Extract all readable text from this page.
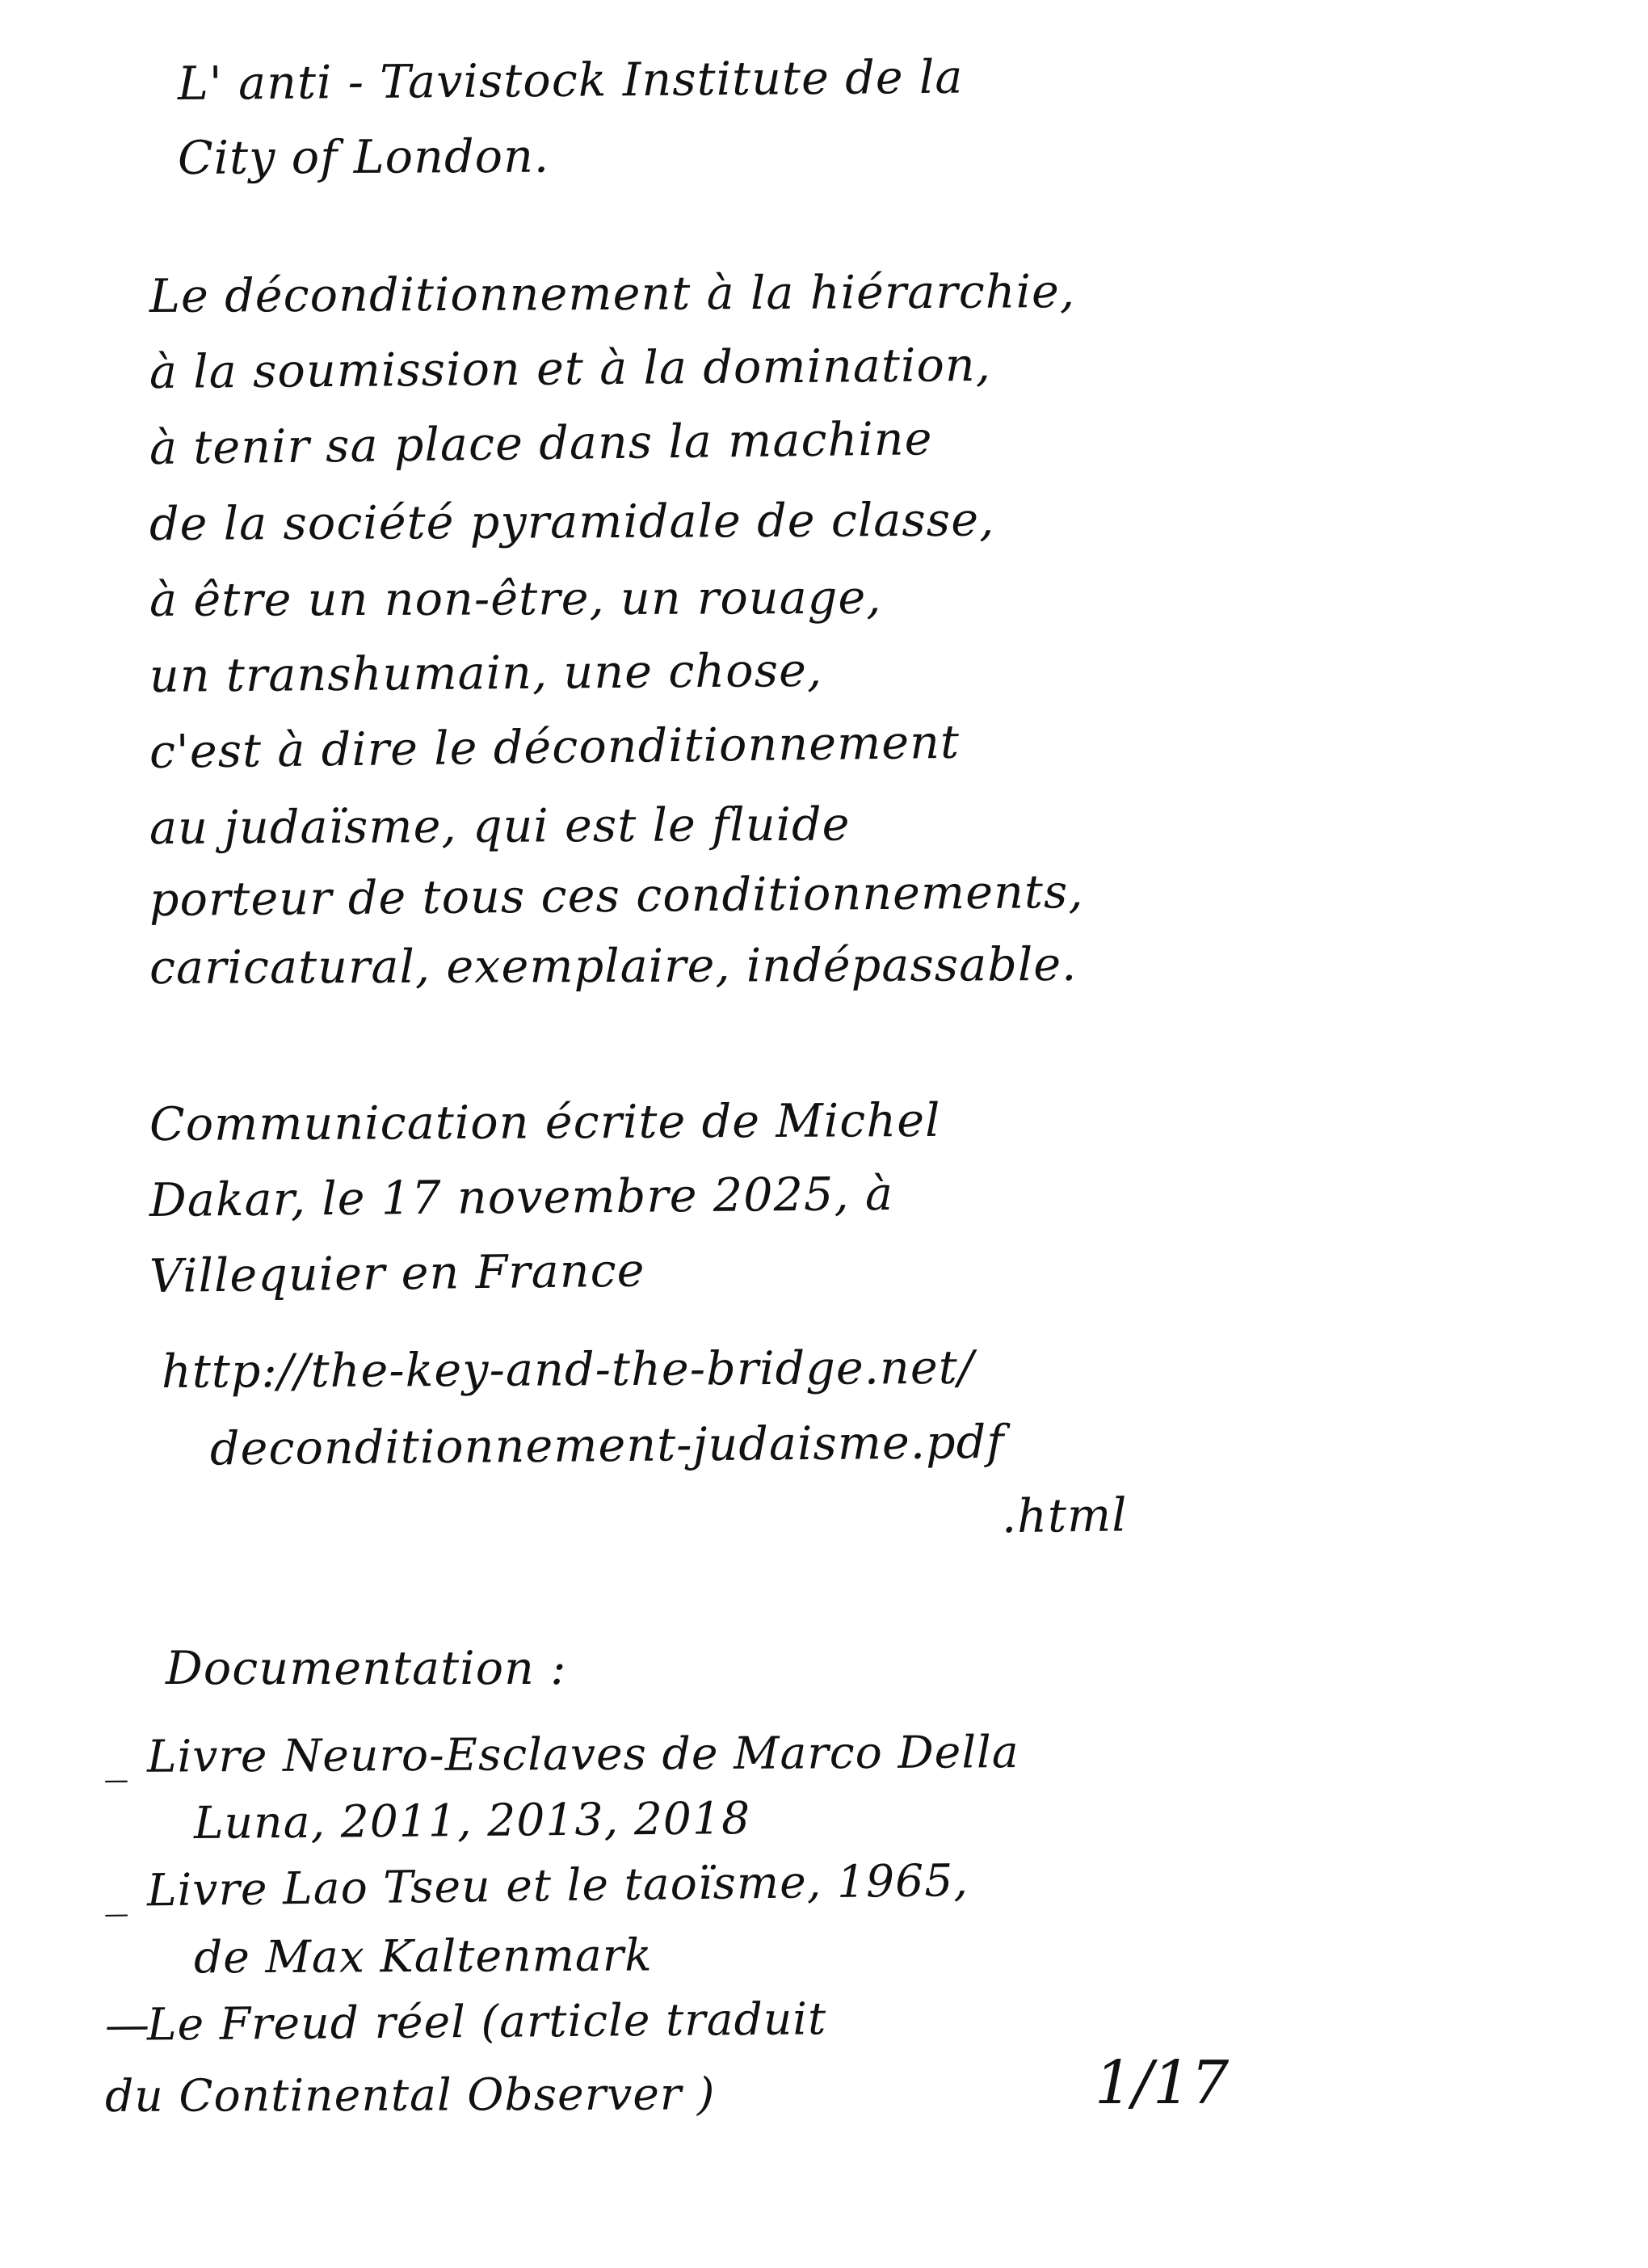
L' anti - Tavistock Institute de la
City of London.
Le déconditionnement à la hiérarchie,
à la soumission et à la domination,
à tenir sa place dans la machine
de la société pyramidale de classe,
à être un non-être, un rouage,
un transhumain, une chose,
c'est à dire le déconditionnement
au judaïsme, qui est le fluide
porteur de tous ces conditionnements,
caricatural, exemplaire, indépassable.
Communication écrite de Michel
Dakar, le 17 novembre 2025, à
Villequier en France
http://the-key-and-the-bridge.net/
deconditionnement-judaisme.pdf
.html
Documentation :
_ Livre Neuro-Esclaves de Marco Della
Luna, 2011, 2013, 2018
_ Livre Lao Tseu et le taoïsme, 1965,
de Max Kaltenmark
—Le Freud réel (article traduit
du Continental Observer )	1/17
